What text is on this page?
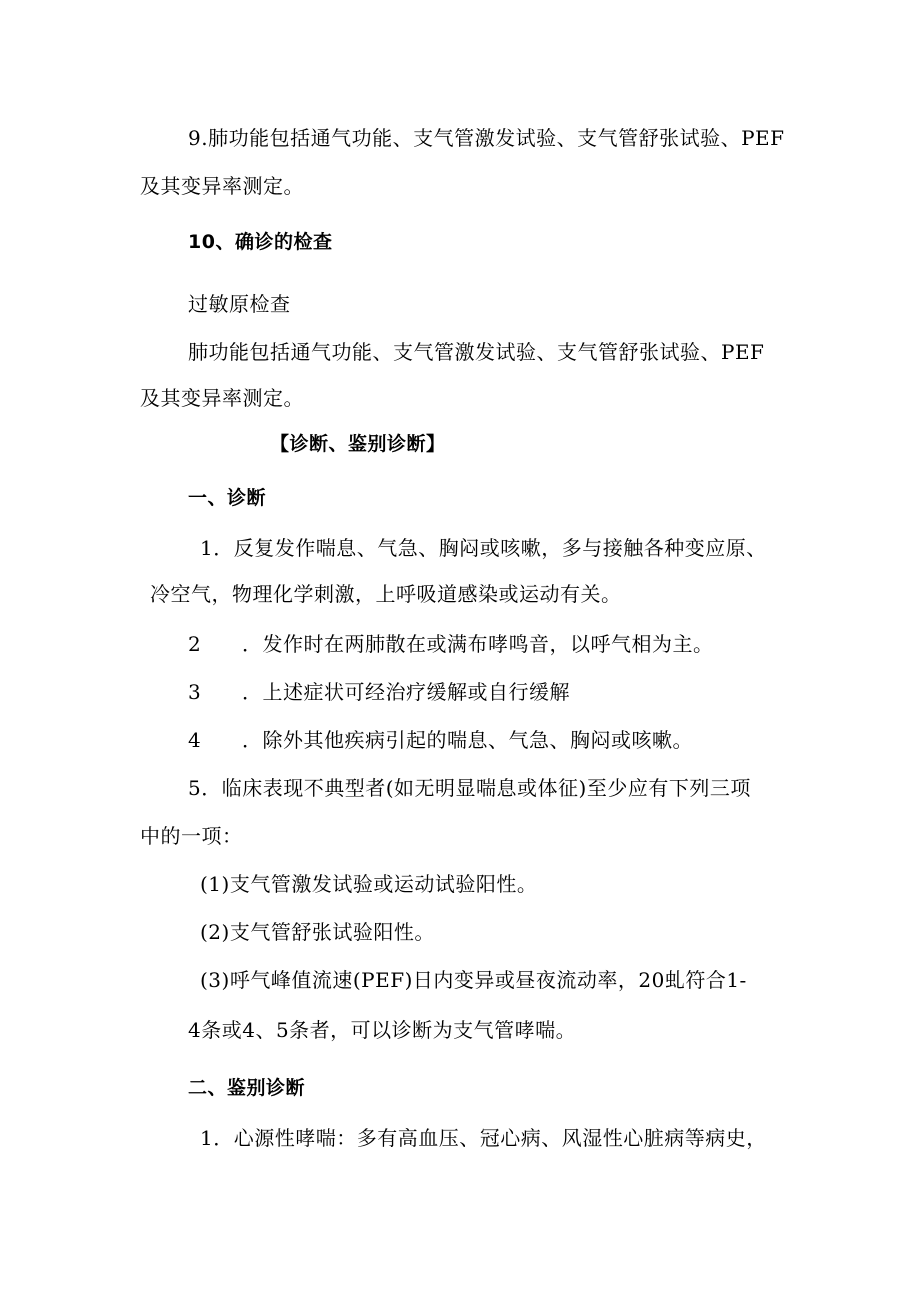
9.肺功能包括通气功能、支气管激发试验、支气管舒张试验、PEF
及其变异率测定。
10、确诊的检查
过敏原检查
肺功能包括通气功能、支气管激发试验、支气管舒张试验、PEF
及其变异率测定。
【诊断、鉴别诊断】
一、诊断
1．反复发作喘息、气急、胸闷或咳嗽，多与接触各种变应原、
冷空气，物理化学刺激，上呼吸道感染或运动有关。
2 ．发作时在两肺散在或满布哮鸣音，以呼气相为主。
3 ．上述症状可经治疗缓解或自行缓解
4 ．除外其他疾病引起的喘息、气急、胸闷或咳嗽。
5．临床表现不典型者(如无明显喘息或体征)至少应有下列三项
中的一项：
(1)支气管激发试验或运动试验阳性。
(2)支气管舒张试验阳性。
(3)呼气峰值流速(PEF)日内变异或昼夜流动率，20虬符合1-
4条或4、5条者，可以诊断为支气管哮喘。
二、鉴别诊断
1．心源性哮喘：多有高血压、冠心病、风湿性心脏病等病史，
